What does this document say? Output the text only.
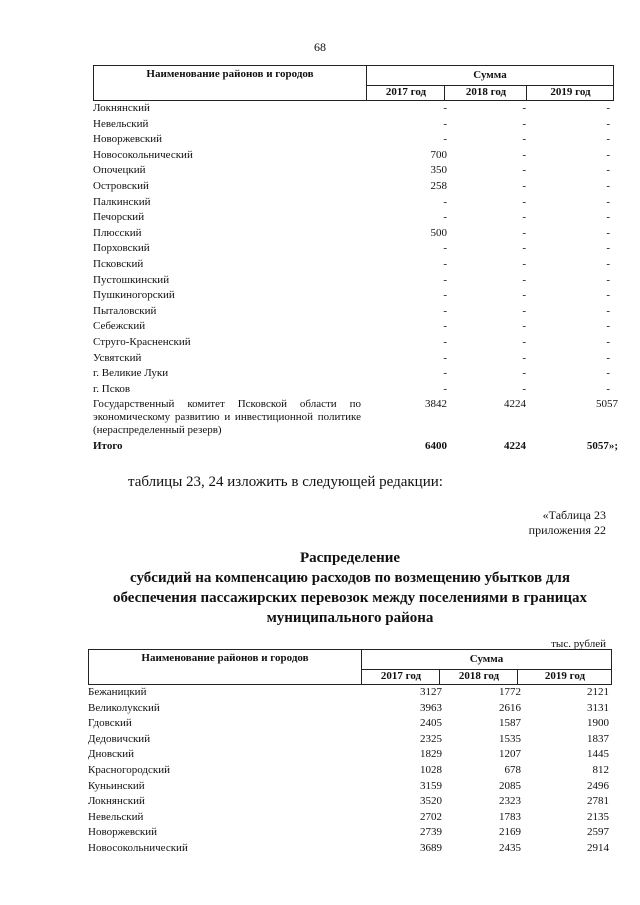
68
Наименование районов и городов	Сумма
2017 год	2018 год	2019 год
Локнянский	-	-	-
Невельский	-	-	-
Новоржевский	-	-	-
Новосокольнический	700	-	-
Опочецкий	350	-	-
Островский	258	-	-
Палкинский	-	-	-
Печорский	-	-	-
Плюсский	500	-	-
Порховский	-	-	-
Псковский	-	-	-
Пустошкинский	-	-	-
Пушкиногорский	-	-	-
Пыталовский	-	-	-
Себежский	-	-	-
Струго-Красненский	-	-	-
Усвятский	-	-	-
г. Великие Луки	-	-	-
г. Псков	-	-	-
Государственный комитет Псковской области по экономическому развитию и инвестиционной политике (нераспределенный резерв)
3842	4224	5057
Итого	6400	4224	5057»;
таблицы 23, 24 изложить в следующей редакции:
«Таблица 23
приложения 22
Распределение
субсидий на компенсацию расходов по возмещению убытков для
обеспечения пассажирских перевозок между поселениями в границах
муниципального района
тыс. рублей
Наименование районов и городов	Сумма
2017 год	2018 год	2019 год
Бежаницкий	3127	1772	2121
Великолукский	3963	2616	3131
Гдовский	2405	1587	1900
Дедовичский	2325	1535	1837
Дновский	1829	1207	1445
Красногородский	1028	678	812
Куньинский	3159	2085	2496
Локнянский	3520	2323	2781
Невельский	2702	1783	2135
Новоржевский	2739	2169	2597
Новосокольнический	3689	2435	2914
